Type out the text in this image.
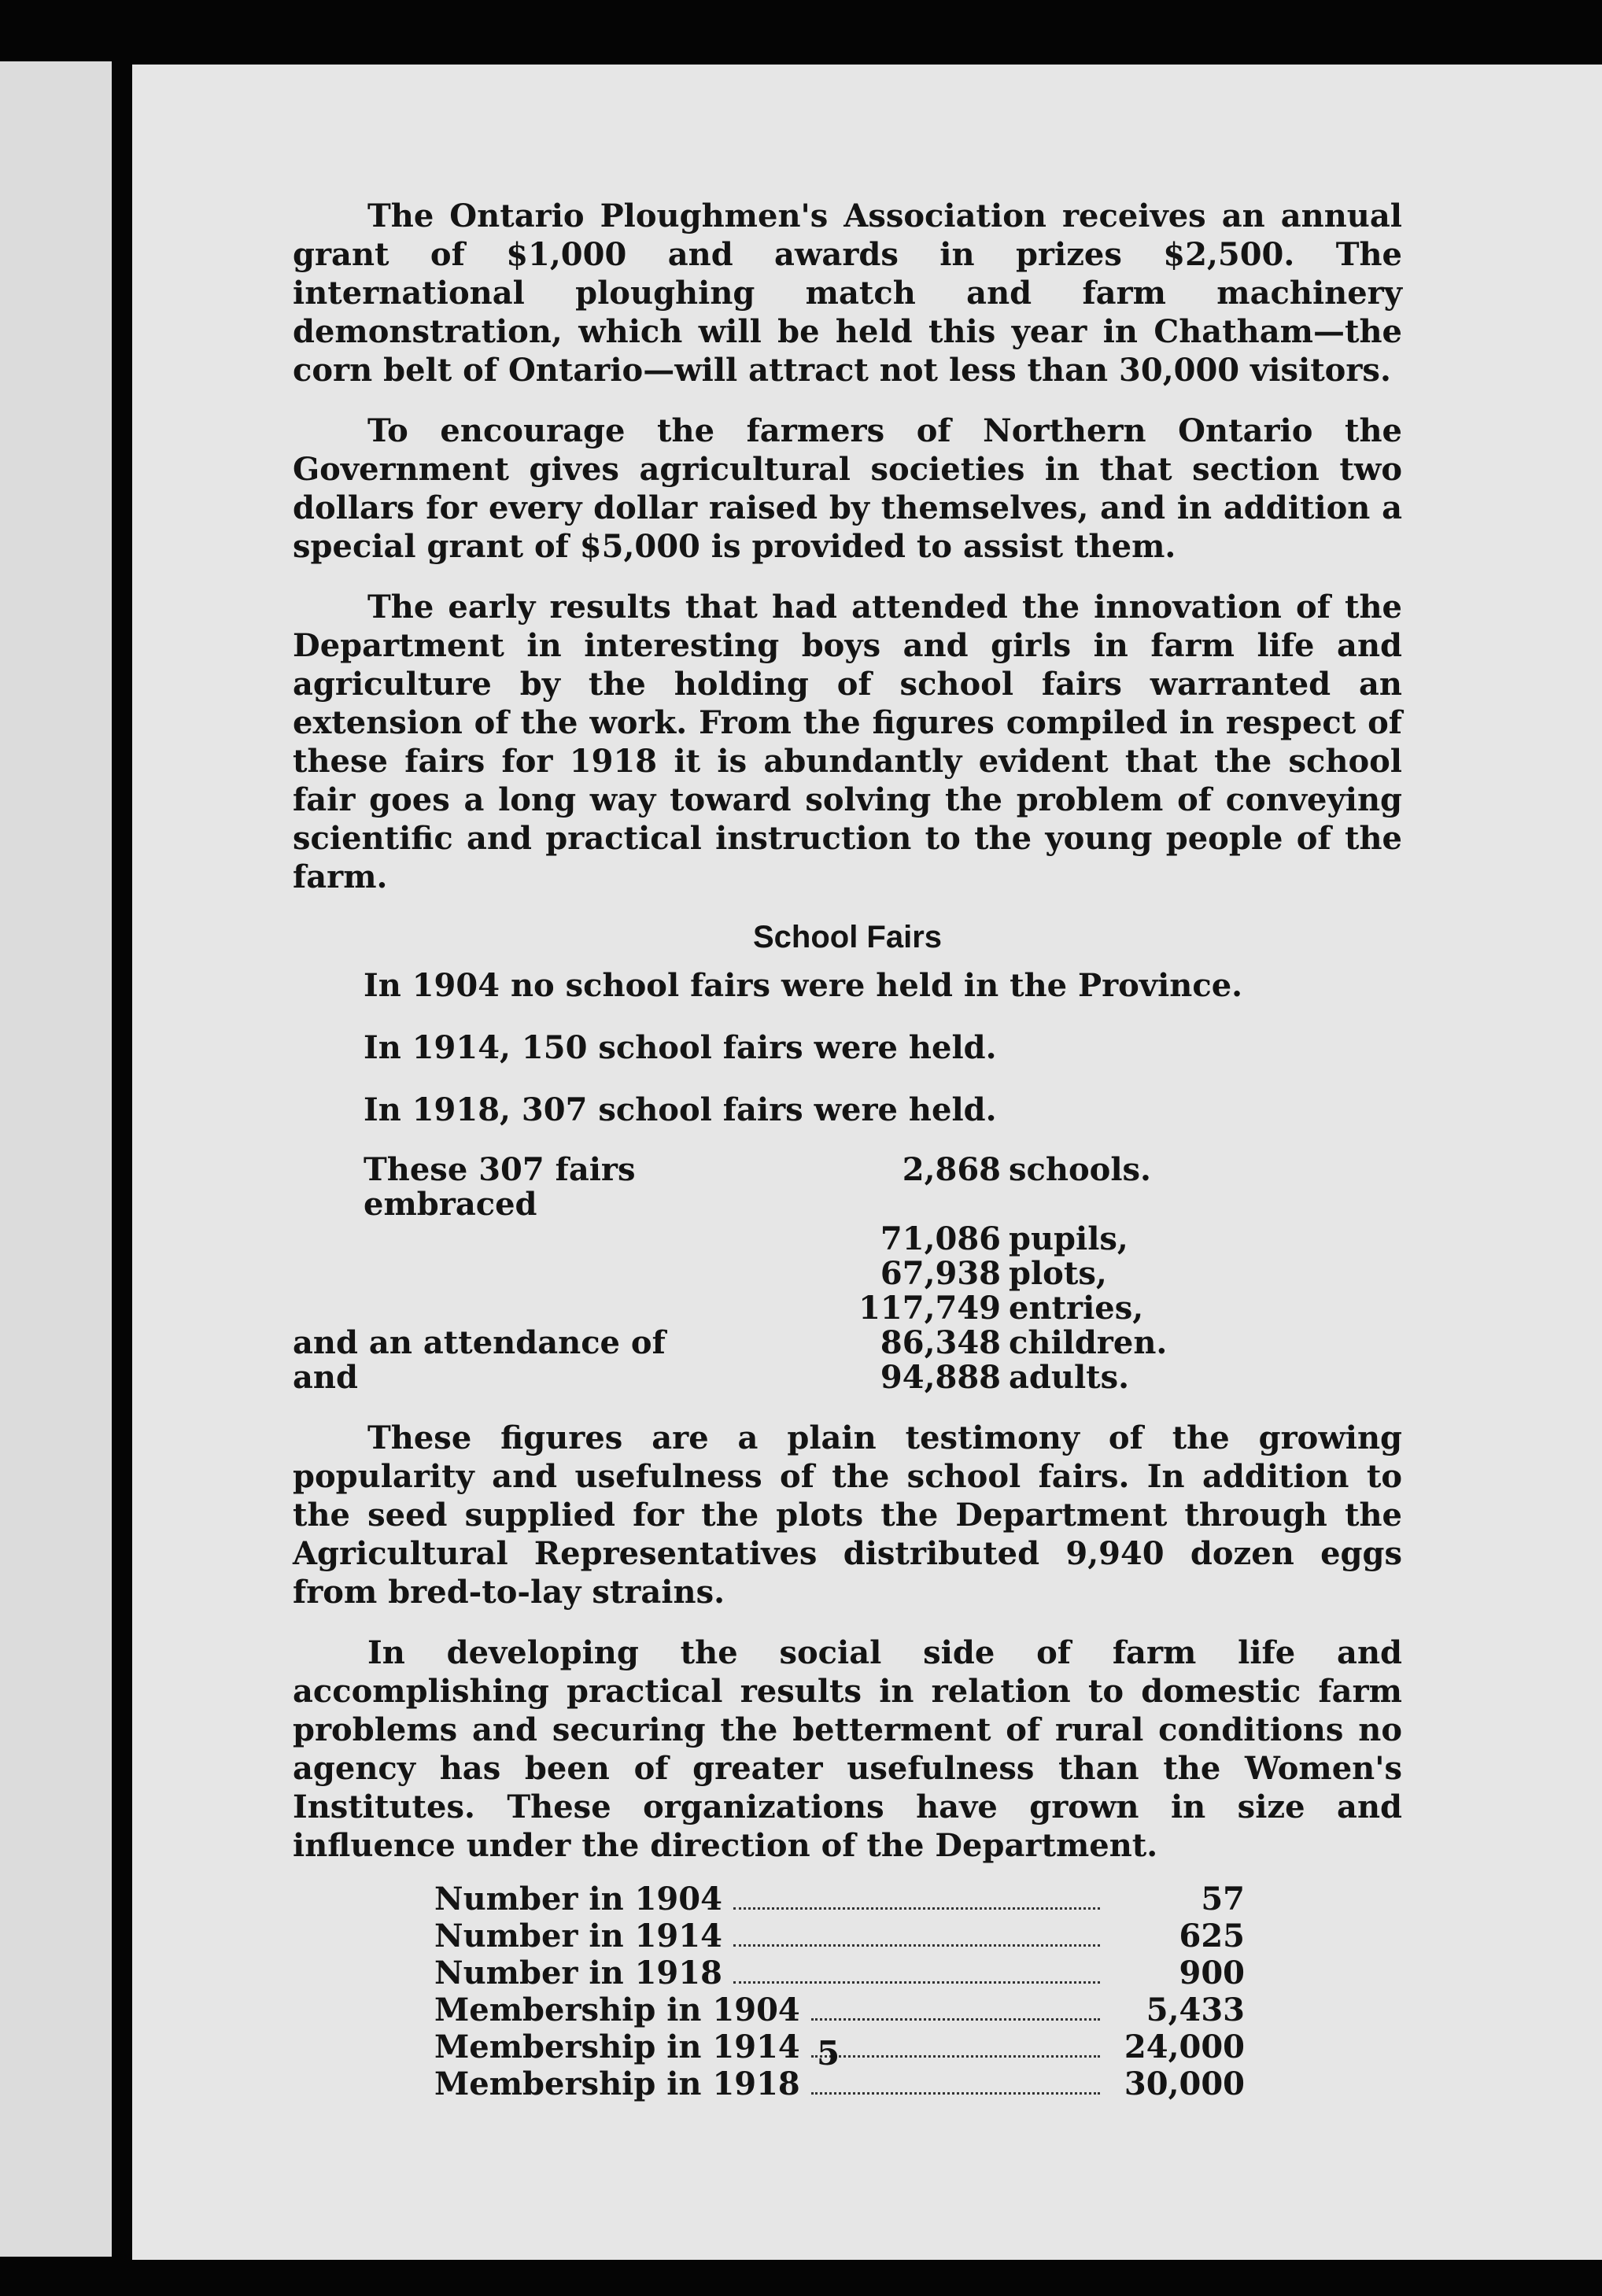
The Ontario Ploughmen's Association receives an annual grant of $1,000 and awards in prizes $2,500. The international ploughing match and farm machinery demonstration, which will be held this year in Chatham—the corn belt of Ontario—will attract not less than 30,000 visitors.

To encourage the farmers of Northern Ontario the Government gives agricultural societies in that section two dollars for every dollar raised by themselves, and in addition a special grant of $5,000 is provided to assist them.

The early results that had attended the innovation of the Department in interesting boys and girls in farm life and agriculture by the holding of school fairs warranted an extension of the work. From the figures compiled in respect of these fairs for 1918 it is abundantly evident that the school fair goes a long way toward solving the problem of conveying scientific and practical instruction to the young people of the farm.

School Fairs
In 1904 no school fairs were held in the Province.
In 1914, 150 school fairs were held.
In 1918, 307 school fairs were held.
These 307 fairs embraced
2,868 schools.
71,086 pupils,
67,938 plots,
117,749 entries,
and an attendance of	86,348 children.
and	94,888 adults.

These figures are a plain testimony of the growing popularity and usefulness of the school fairs. In addition to the seed supplied for the plots the Department through the Agricultural Representatives distributed 9,940 dozen eggs from bred-to-lay strains.

In developing the social side of farm life and accomplishing practical results in relation to domestic farm problems and securing the betterment of rural conditions no agency has been of greater usefulness than the Women's Institutes. These organizations have grown in size and influence under the direction of the Department.

Number in 1904	57
Number in 1914	625
Number in 1918	900
Membership in 1904	5,433
Membership in 1914	24,000
Membership in 1918	30,000
5
